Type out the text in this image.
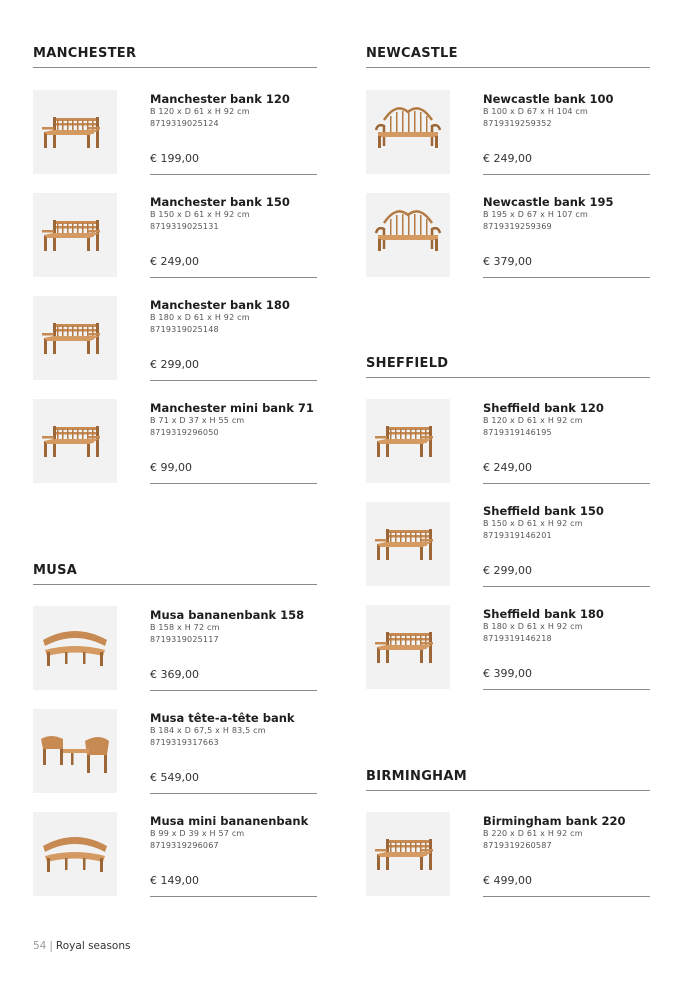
MANCHESTER
Manchester bank 120
B 120 x D 61 x H 92 cm
8719319025124
€ 199,00
Manchester bank 150
B 150 x D 61 x H 92 cm
8719319025131
€ 249,00
Manchester bank 180
B 180 x D 61 x H 92 cm
8719319025148
€ 299,00
Manchester mini bank 71
B 71 x D 37 x H 55 cm
8719319296050
€ 99,00
MUSA
Musa bananenbank 158
B 158 x H 72 cm
8719319025117
€ 369,00
Musa tête-a-tête bank
B 184 x D 67,5 x H 83,5 cm
8719319317663
€ 549,00
Musa mini bananenbank
B 99 x D 39 x H 57 cm
8719319296067
€ 149,00
NEWCASTLE
Newcastle bank 100
B 100 x D 67 x H 104 cm
8719319259352
€ 249,00
Newcastle bank 195
B 195 x D 67 x H 107 cm
8719319259369
€ 379,00
SHEFFIELD
Sheffield bank 120
B 120 x D 61 x H 92 cm
8719319146195
€ 249,00
Sheffield bank 150
B 150 x D 61 x H 92 cm
8719319146201
€ 299,00
Sheffield bank 180
B 180 x D 61 x H 92 cm
8719319146218
€ 399,00
BIRMINGHAM
Birmingham bank 220
B 220 x D 61 x H 92 cm
8719319260587
€ 499,00
54 | Royal seasons
